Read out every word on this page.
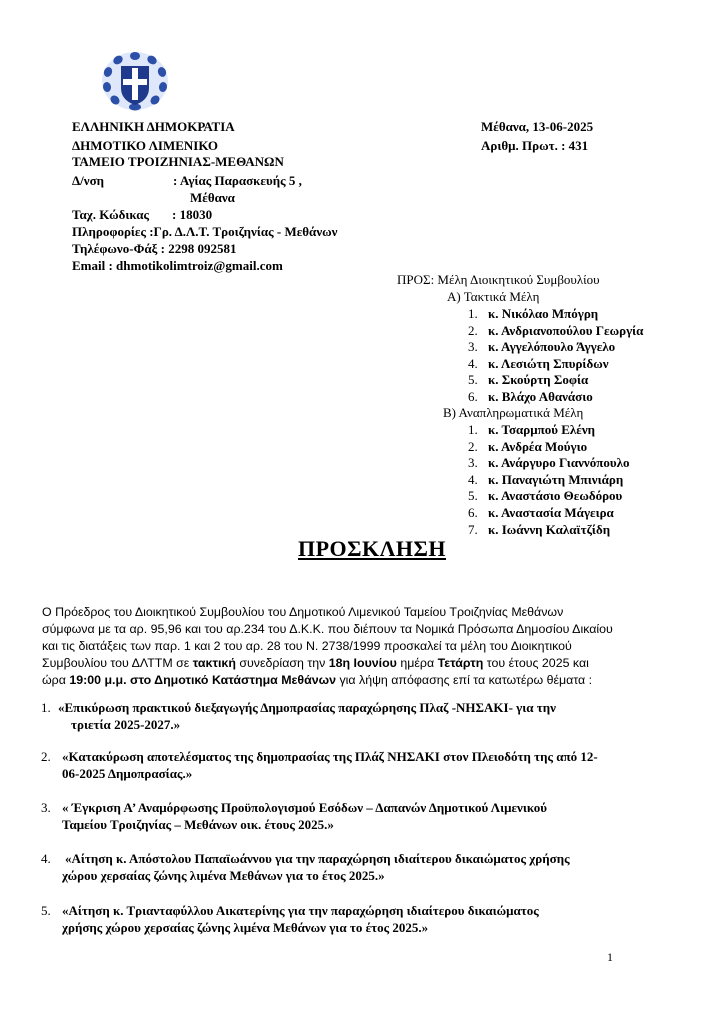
ΕΛΛΗΝΙΚΗ ΔΗΜΟΚΡΑΤΙΑ
ΔΗΜΟΤΙΚΟ ΛΙΜΕΝΙΚΟ
ΤΑΜΕΙΟ ΤΡΟΙΖΗΝΙΑΣ-ΜΕΘΑΝΩΝ
Δ/νση	: Αγίας Παρασκευής 5 ,
Μέθανα
Ταχ. Κώδικας : 18030
Πληροφορίες :Γρ. Δ.Λ.Τ. Τροιζηνίας - Μεθάνων
Τηλέφωνο-Φάξ : 2298 092581
Email : dhmotikolimtroiz@gmail.com
Μέθανα, 13-06-2025
Αριθμ. Πρωτ. : 431
ΠΡΟΣ: Μέλη Διοικητικού Συμβουλίου
Α) Τακτικά Μέλη
1. κ. Νικόλαο Μπόγρη
2. κ. Ανδριανοπούλου Γεωργία
3. κ. Αγγελόπουλο Άγγελο
4. κ. Λεσιώτη Σπυρίδων
5. κ. Σκούρτη Σοφία
6. κ. Βλάχο Αθανάσιο
Β) Αναπληρωματικά Μέλη
1. κ. Τσαρμπού Ελένη
2. κ. Ανδρέα Μούγιο
3. κ. Ανάργυρο Γιαννόπουλο
4. κ. Παναγιώτη Μπινιάρη
5. κ. Αναστάσιο Θεωδόρου
6. κ. Αναστασία Μάγειρα
7. κ. Ιωάννη Καλαϊτζίδη
ΠΡΟΣΚΛΗΣΗ
Ο Πρόεδρος του Διοικητικού Συμβουλίου του Δημοτικού Λιμενικού Ταμείου Τροιζηνίας Μεθάνων
σύμφωνα με τα αρ. 95,96 και του αρ.234 του Δ.Κ.Κ. που διέπουν τα Νομικά Πρόσωπα Δημοσίου Δικαίου
και τις διατάξεις των παρ. 1 και 2 του αρ. 28 του Ν. 2738/1999 προσκαλεί τα μέλη του Διοικητικού
Συμβουλίου του ΔΛΤΤΜ σε τακτική συνεδρίαση την 18η Ιουνίου ημέρα Τετάρτη του έτους 2025 και
ώρα 19:00 μ.μ. στο Δημοτικό Κατάστημα Μεθάνων για λήψη απόφασης επί τα κατωτέρω θέματα :
1. «Επικύρωση πρακτικού διεξαγωγής Δημοπρασίας παραχώρησης Πλαζ -ΝΗΣΑΚΙ- για την
τριετία 2025-2027.»
2. «Κατακύρωση αποτελέσματος της δημοπρασίας της Πλάζ ΝΗΣΑΚΙ στον Πλειοδότη της από 12-
06-2025 Δημοπρασίας.»
3. « Έγκριση Α’ Αναμόρφωσης Προϋπολογισμού Εσόδων – Δαπανών Δημοτικού Λιμενικού
Ταμείου Τροιζηνίας – Μεθάνων οικ. έτους 2025.»
4. «Αίτηση κ. Απόστολου Παπαϊωάννου για την παραχώρηση ιδιαίτερου δικαιώματος χρήσης
χώρου χερσαίας ζώνης λιμένα Μεθάνων για το έτος 2025.»
5. «Αίτηση κ. Τριανταφύλλου Αικατερίνης για την παραχώρηση ιδιαίτερου δικαιώματος
χρήσης χώρου χερσαίας ζώνης λιμένα Μεθάνων για το έτος 2025.»
1
